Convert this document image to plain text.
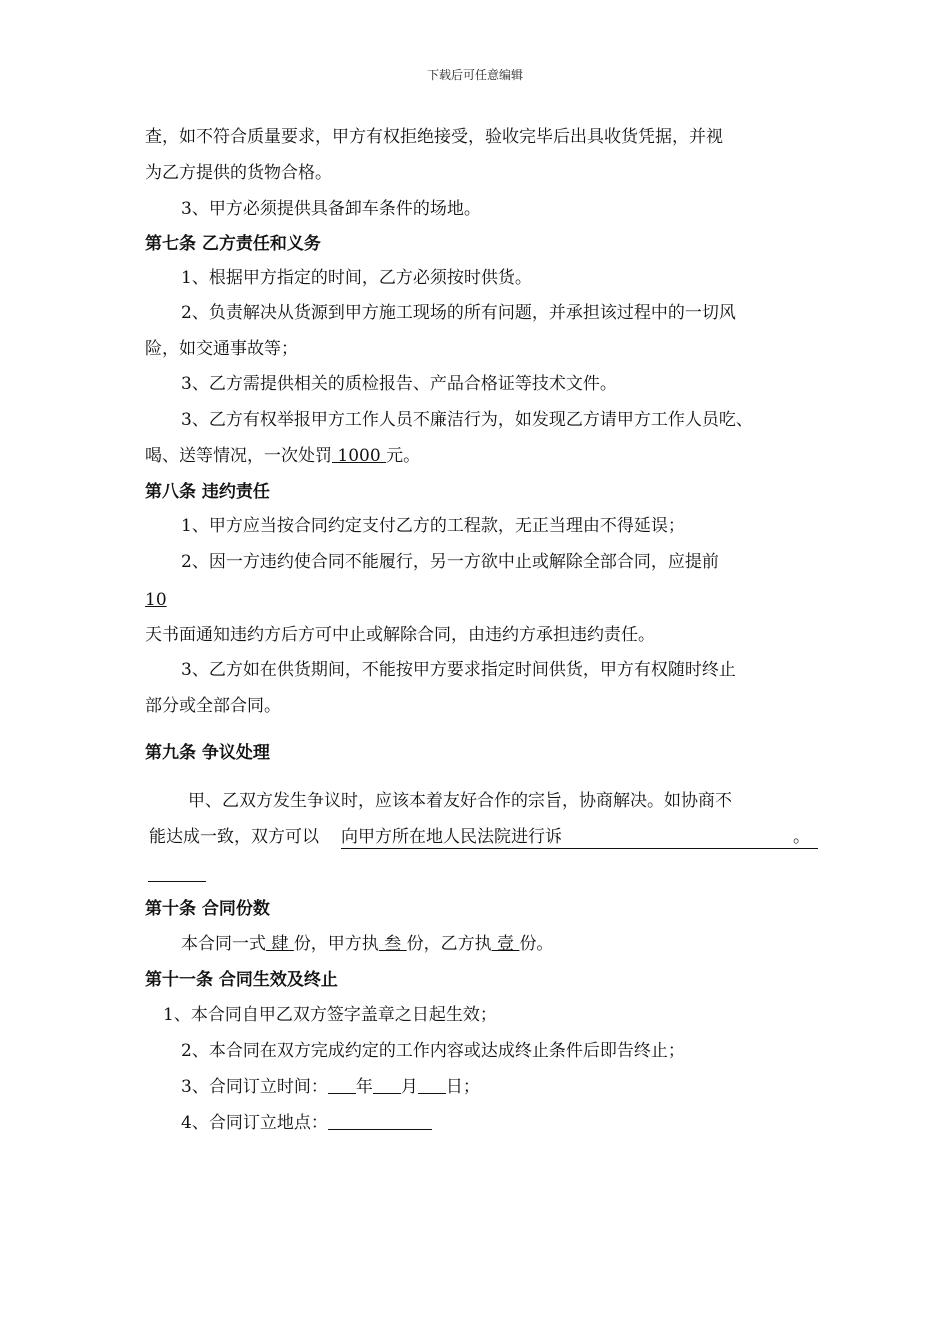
下载后可任意编辑
查，如不符合质量要求，甲方有权拒绝接受，验收完毕后出具收货凭据，并视
为乙方提供的货物合格。
3、甲方必须提供具备卸车条件的场地。
第七条 乙方责任和义务
1、根据甲方指定的时间，乙方必须按时供货。
2、负责解决从货源到甲方施工现场的所有问题，并承担该过程中的一切风
险，如交通事故等；
3、乙方需提供相关的质检报告、产品合格证等技术文件。
3、乙方有权举报甲方工作人员不廉洁行为，如发现乙方请甲方工作人员吃、
喝、送等情况，一次处罚 1000 元。
第八条 违约责任
1、甲方应当按合同约定支付乙方的工程款，无正当理由不得延误；
2、因一方违约使合同不能履行，另一方欲中止或解除全部合同，应提前
10
天书面通知违约方后方可中止或解除合同，由违约方承担违约责任。
3、乙方如在供货期间，不能按甲方要求指定时间供货，甲方有权随时终止
部分或全部合同。
第九条 争议处理
甲、乙双方发生争议时，应该本着友好合作的宗旨，协商解决。如协商不
能达成一致，双方可以 向甲方所在地人民法院进行诉	。
第十条 合同份数
本合同一式 肆 份，甲方执 叁 份，乙方执 壹 份。
第十一条 合同生效及终止
1、本合同自甲乙双方签字盖章之日起生效；
2、本合同在双方完成约定的工作内容或达成终止条件后即告终止；
3、合同订立时间： 年 月 日；
4、合同订立地点：
